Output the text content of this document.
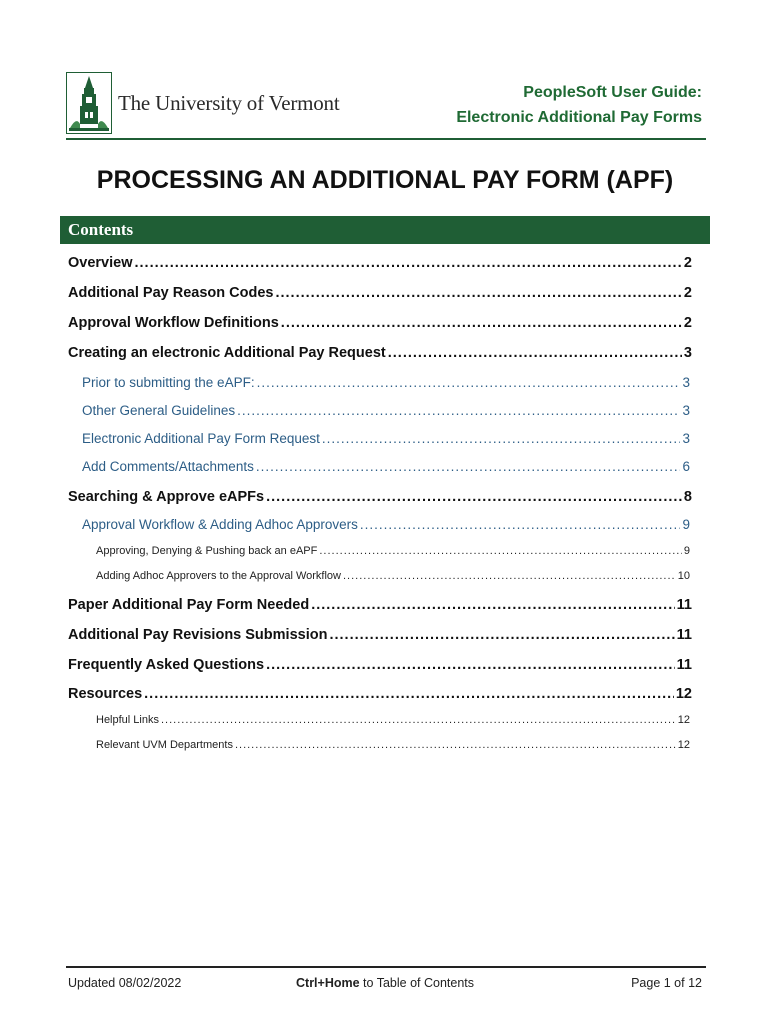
The University of Vermont	PeopleSoft User Guide:
Electronic Additional Pay Forms
PROCESSING AN ADDITIONAL PAY FORM (APF)
Contents
Overview .....	2
Additional Pay Reason Codes .....	2
Approval Workflow Definitions .....	2
Creating an electronic Additional Pay Request .....	3
Prior to submitting the eAPF: .....	3
Other General Guidelines .....	3
Electronic Additional Pay Form Request .....	3
Add Comments/Attachments .....	6
Searching & Approve eAPFs .....	8
Approval Workflow & Adding Adhoc Approvers .....	9
Approving, Denying & Pushing back an eAPF .....	9
Adding Adhoc Approvers to the Approval Workflow .....	10
Paper Additional Pay Form Needed .....	11
Additional Pay Revisions Submission .....	11
Frequently Asked Questions .....	11
Resources .....	12
Helpful Links .....	12
Relevant UVM Departments .....	12
Updated 08/02/2022	Ctrl+Home to Table of Contents	Page 1 of 12
